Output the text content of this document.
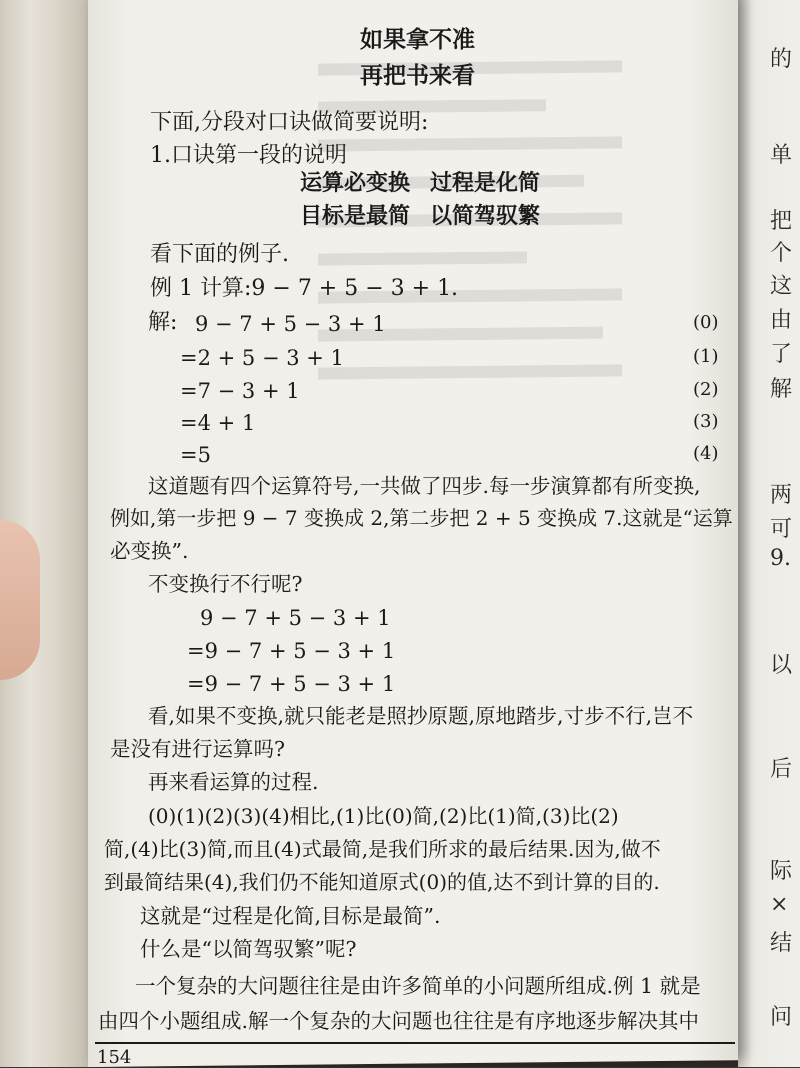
的
单
把
个
这
由
了
解
两
可
9.
以
后
际
×
结
问
如果拿不准
再把书来看
下面,分段对口诀做简要说明:
1.口诀第一段的说明
运算必变换 过程是化简
目标是最简 以简驾驭繁
看下面的例子.
例 1 计算:9 − 7 + 5 − 3 + 1.
解: 9 − 7 + 5 − 3 + 1	(0)
=2 + 5 − 3 + 1	(1)
=7 − 3 + 1	(2)
=4 + 1	(3)
=5	(4)
这道题有四个运算符号,一共做了四步.每一步演算都有所变换,
例如,第一步把 9 − 7 变换成 2,第二步把 2 + 5 变换成 7.这就是“运算
必变换”.
不变换行不行呢?
9 − 7 + 5 − 3 + 1
=9 − 7 + 5 − 3 + 1
=9 − 7 + 5 − 3 + 1
看,如果不变换,就只能老是照抄原题,原地踏步,寸步不行,岂不
是没有进行运算吗?
再来看运算的过程.
(0)(1)(2)(3)(4)相比,(1)比(0)简,(2)比(1)简,(3)比(2)
简,(4)比(3)简,而且(4)式最简,是我们所求的最后结果.因为,做不
到最简结果(4),我们仍不能知道原式(0)的值,达不到计算的目的.
这就是“过程是化简,目标是最简”.
什么是“以简驾驭繁”呢?
一个复杂的大问题往往是由许多简单的小问题所组成.例 1 就是
由四个小题组成.解一个复杂的大问题也往往是有序地逐步解决其中
154
